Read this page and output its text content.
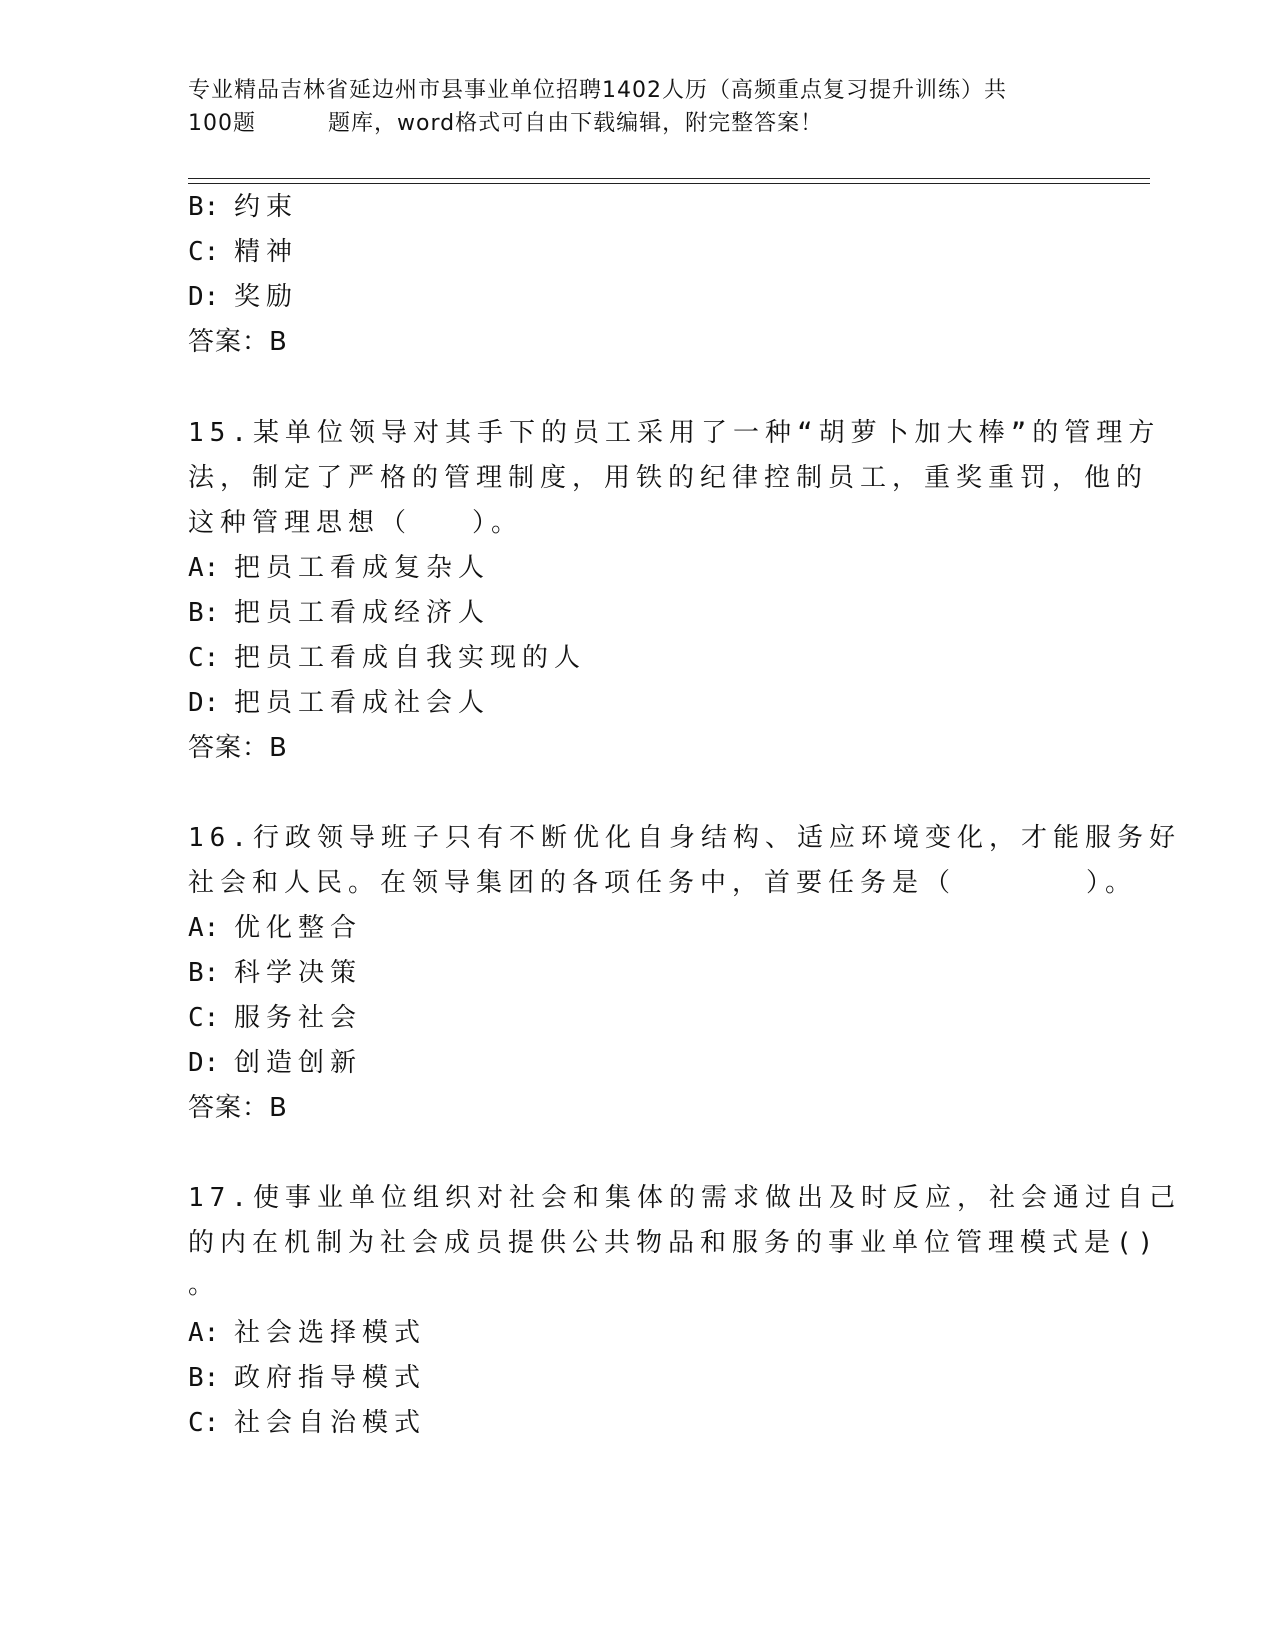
专业精品吉林省延边州市县事业单位招聘1402人历（高频重点复习提升训练）共
100题	题库，word格式可自由下载编辑，附完整答案！
B: 约束
C: 精神
D: 奖励
答案：B
15.某单位领导对其手下的员工采用了一种“胡萝卜加大棒”的管理方
法，制定了严格的管理制度，用铁的纪律控制员工，重奖重罚，他的
这种管理思想（ ）。
A: 把员工看成复杂人
B: 把员工看成经济人
C: 把员工看成自我实现的人
D: 把员工看成社会人
答案：B
16.行政领导班子只有不断优化自身结构、适应环境变化，才能服务好
社会和人民。在领导集团的各项任务中，首要任务是（	）。
A: 优化整合
B: 科学决策
C: 服务社会
D: 创造创新
答案：B
17.使事业单位组织对社会和集体的需求做出及时反应，社会通过自己
的内在机制为社会成员提供公共物品和服务的事业单位管理模式是()
。
A: 社会选择模式
B: 政府指导模式
C: 社会自治模式
